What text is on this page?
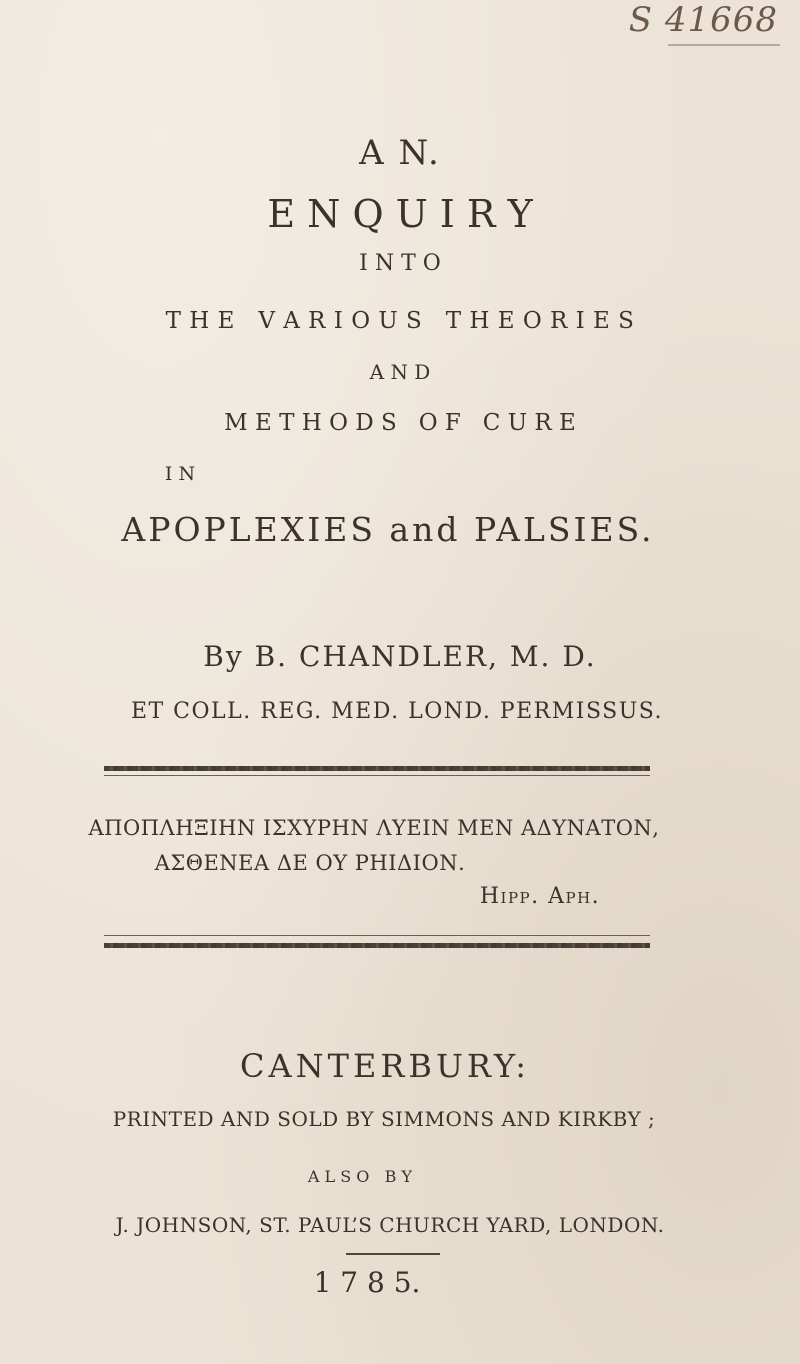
S 41668
A N.
E N Q U I R Y
I N T O
T H E   V A R I O U S   T H E O R I E S
A N D
M E T H O D S   O F   C U R E
I N
APOPLEXIES and PALSIES.
By B. CHANDLER, M. D.
ET COLL. REG. MED. LOND. PERMISSUS.
ΑΠΟΠΛΗΞΙΗΝ ΙΣΧΥΡΗΝ ΛΥΕΙΝ ΜΕΝ ΑΔΥΝΑΤΟΝ,
ΑΣΘΕΝΕΑ ΔΕ ΟΥ ΡΗΙΔΙΟΝ.
Hipp. Aph.
CANTERBURY:
PRINTED AND SOLD BY SIMMONS AND KIRKBY ;
A L S O   B Y
J. JOHNSON, ST. PAUL’S CHURCH YARD, LONDON.
1 7 8 5.
